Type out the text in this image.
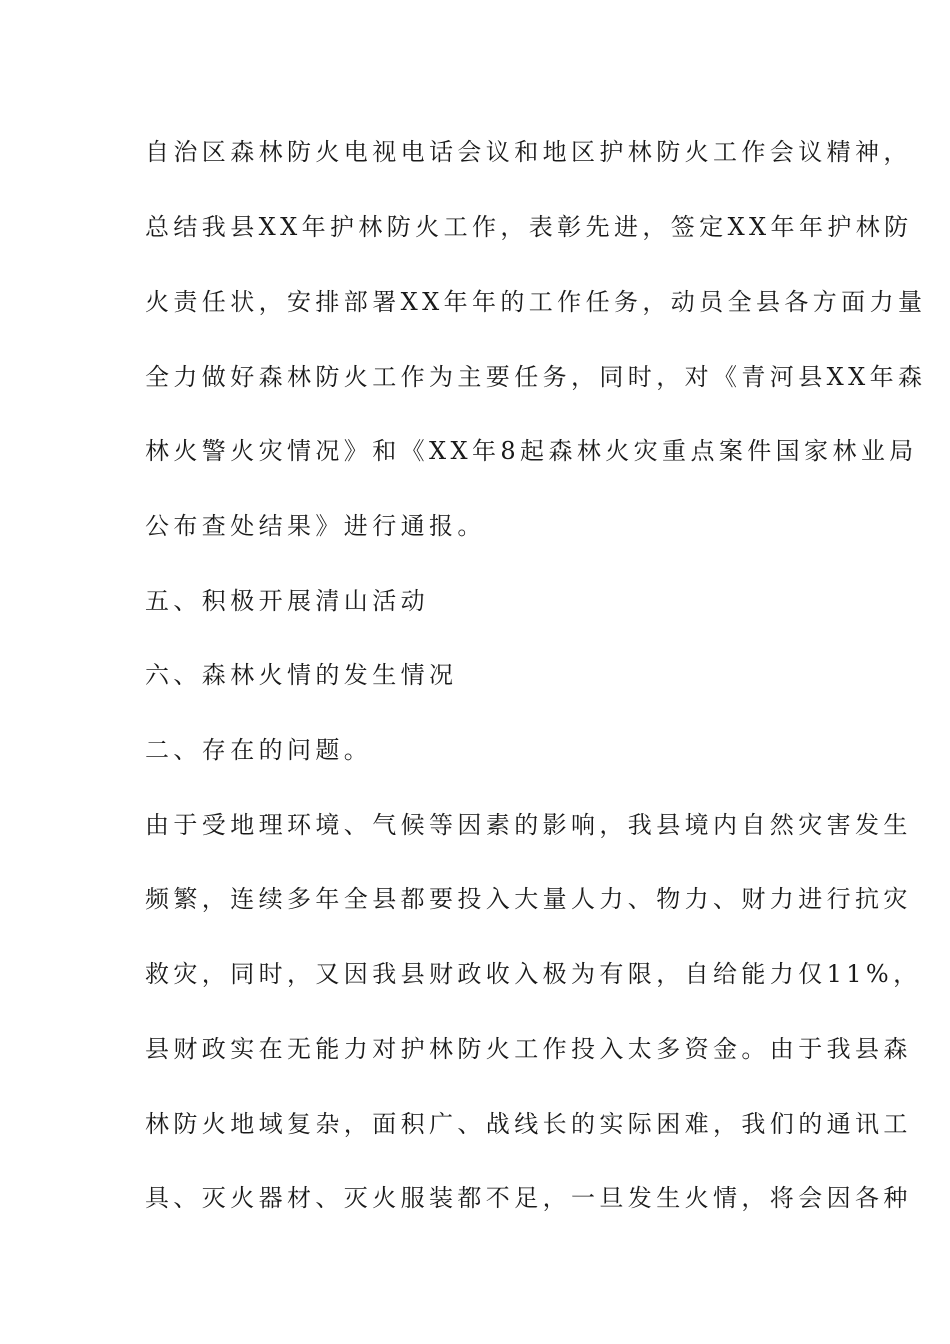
自治区森林防火电视电话会议和地区护林防火工作会议精神，
总结我县XX年护林防火工作，表彰先进，签定XX年年护林防
火责任状，安排部署XX年年的工作任务，动员全县各方面力量
全力做好森林防火工作为主要任务，同时，对《青河县XX年森
林火警火灾情况》和《XX年8起森林火灾重点案件国家林业局
公布查处结果》进行通报。
五、积极开展清山活动
六、森林火情的发生情况
二、存在的问题。
由于受地理环境、气候等因素的影响，我县境内自然灾害发生
频繁，连续多年全县都要投入大量人力、物力、财力进行抗灾
救灾，同时，又因我县财政收入极为有限，自给能力仅11%，
县财政实在无能力对护林防火工作投入太多资金。由于我县森
林防火地域复杂，面积广、战线长的实际困难，我们的通讯工
具、灭火器材、灭火服装都不足，一旦发生火情，将会因各种
